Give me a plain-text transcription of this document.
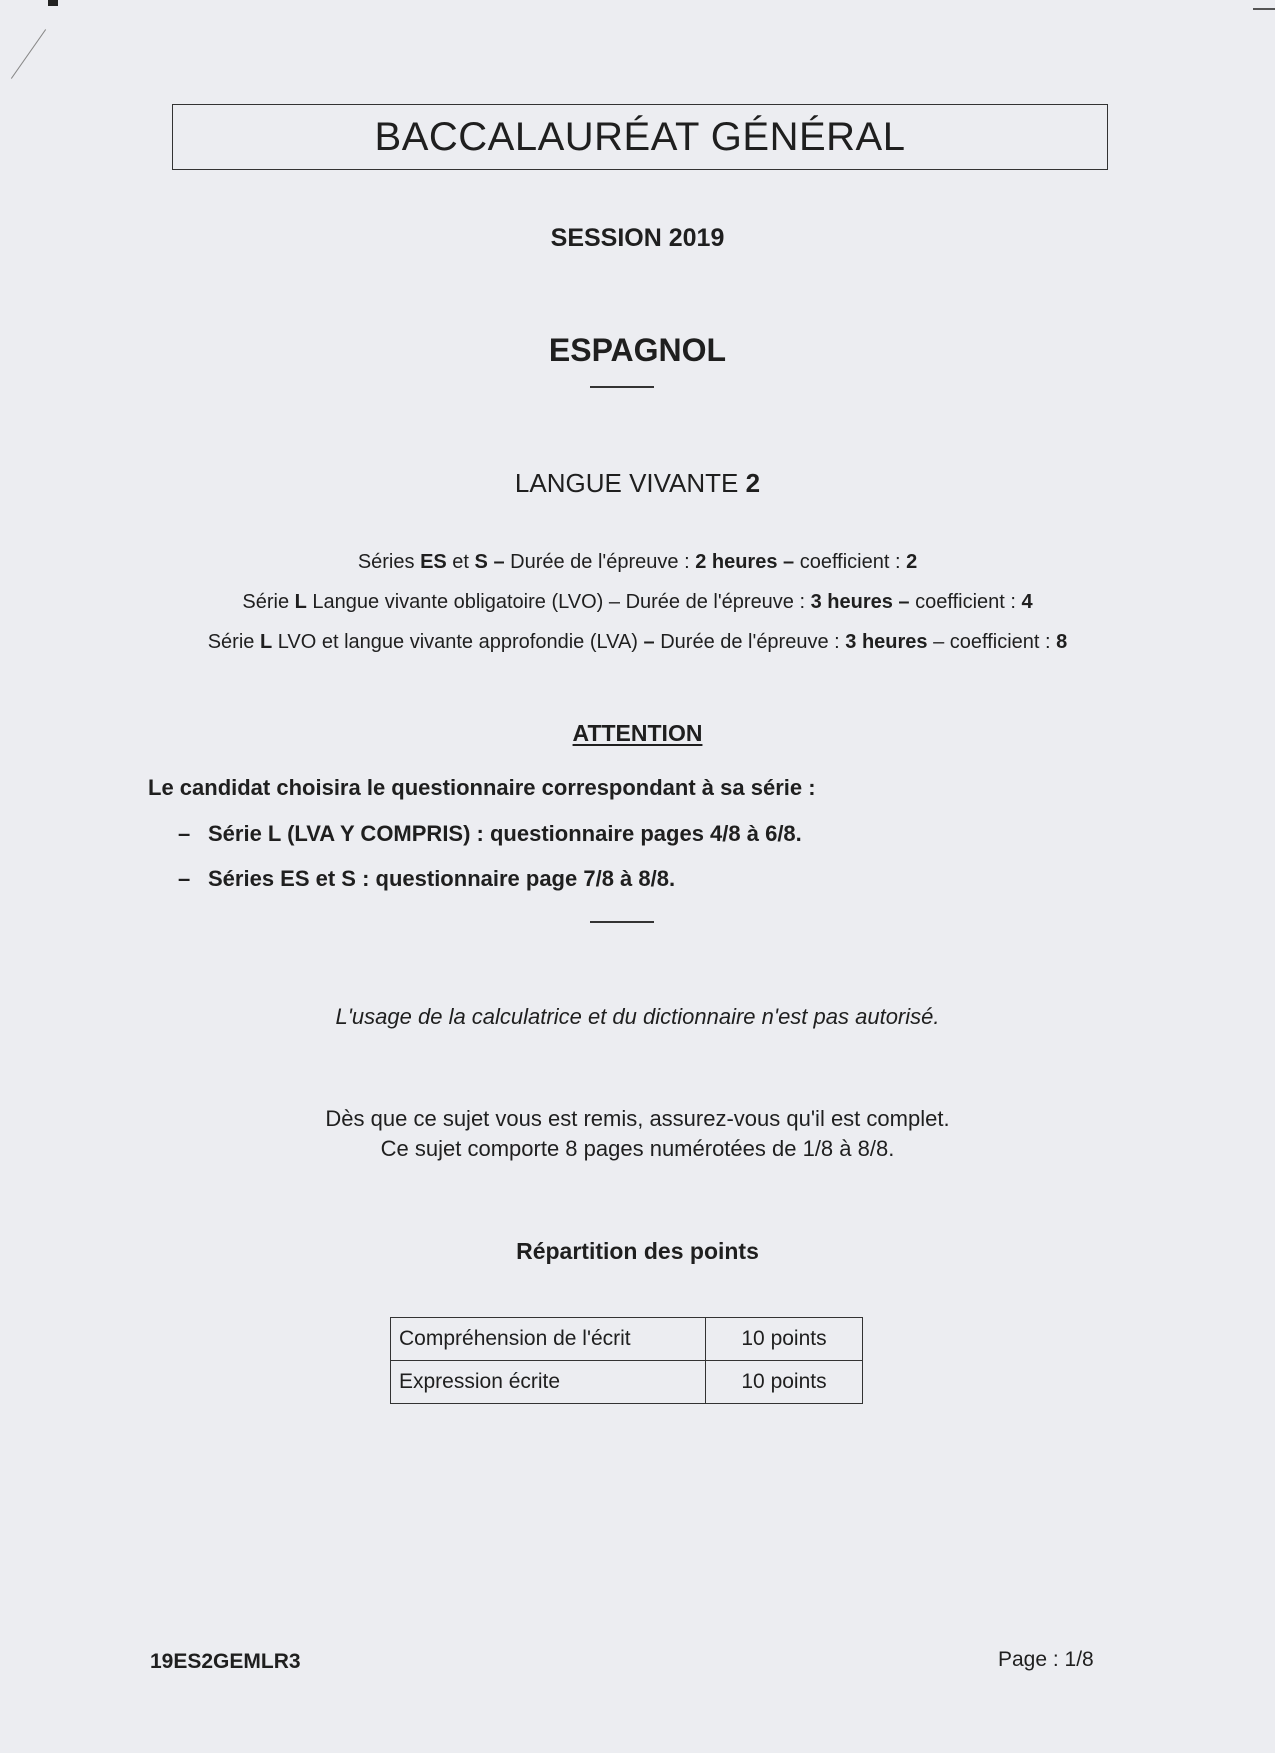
BACCALAURÉAT GÉNÉRAL
SESSION 2019
ESPAGNOL
LANGUE VIVANTE 2
Séries ES et S – Durée de l'épreuve : 2 heures – coefficient : 2
Série L Langue vivante obligatoire (LVO) – Durée de l'épreuve : 3 heures – coefficient : 4
Série L LVO et langue vivante approfondie (LVA) – Durée de l'épreuve : 3 heures – coefficient : 8
ATTENTION
Le candidat choisira le questionnaire correspondant à sa série :
– Série L (LVA Y COMPRIS) : questionnaire pages 4/8 à 6/8.
– Séries ES et S : questionnaire page 7/8 à 8/8.
L'usage de la calculatrice et du dictionnaire n'est pas autorisé.
Dès que ce sujet vous est remis, assurez-vous qu'il est complet.
Ce sujet comporte 8 pages numérotées de 1/8 à 8/8.
Répartition des points
Compréhension de l'écrit	10 points
Expression écrite	10 points
19ES2GEMLR3	Page : 1/8
